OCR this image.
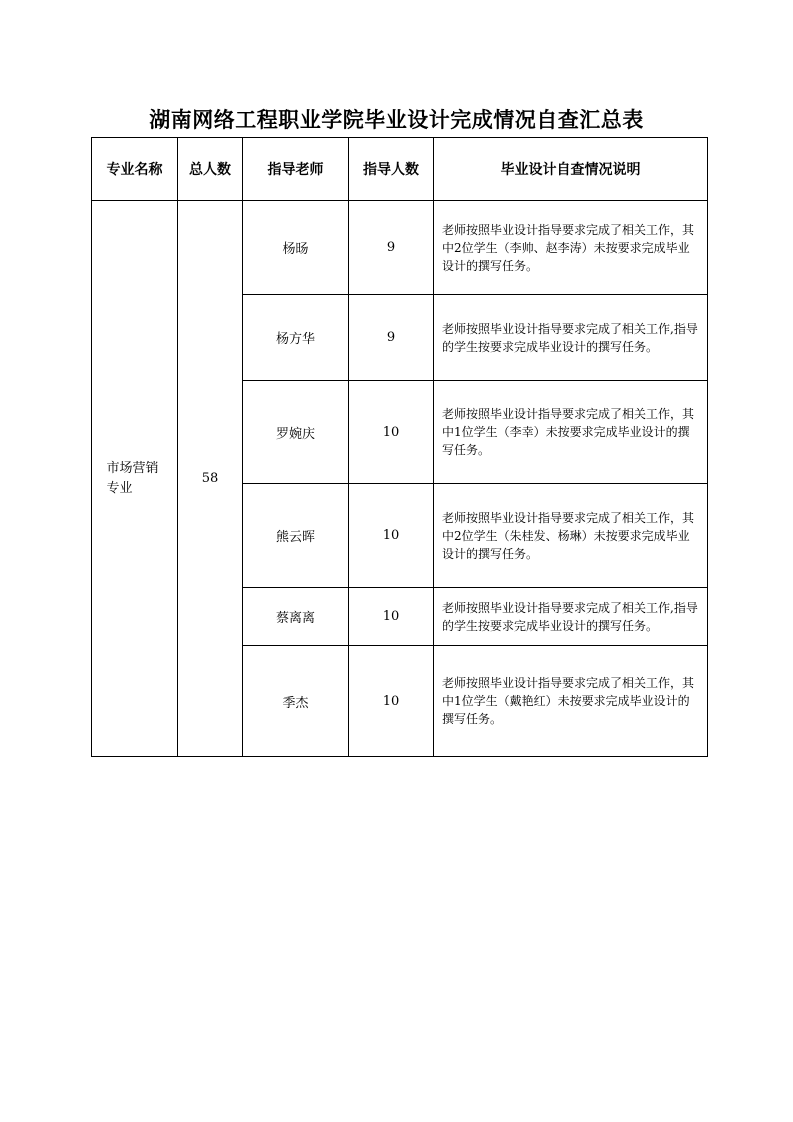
湖南网络工程职业学院毕业设计完成情况自查汇总表
专业名称	总人数	指导老师	指导人数	毕业设计自查情况说明
市场营销专业	58	杨旸	9	老师按照毕业设计指导要求完成了相关工作，其中2位学生（李帅、赵李涛）未按要求完成毕业设计的撰写任务。

		杨方华	9	老师按照毕业设计指导要求完成了相关工作,指导的学生按要求完成毕业设计的撰写任务。

		罗婉庆	10	老师按照毕业设计指导要求完成了相关工作，其中1位学生（李幸）未按要求完成毕业设计的撰写任务。

		熊云晖	10	老师按照毕业设计指导要求完成了相关工作，其中2位学生（朱桂发、杨琳）未按要求完成毕业设计的撰写任务。

		蔡离离	10	老师按照毕业设计指导要求完成了相关工作,指导的学生按要求完成毕业设计的撰写任务。

		季杰	10	老师按照毕业设计指导要求完成了相关工作，其中1位学生（戴艳红）未按要求完成毕业设计的撰写任务。
